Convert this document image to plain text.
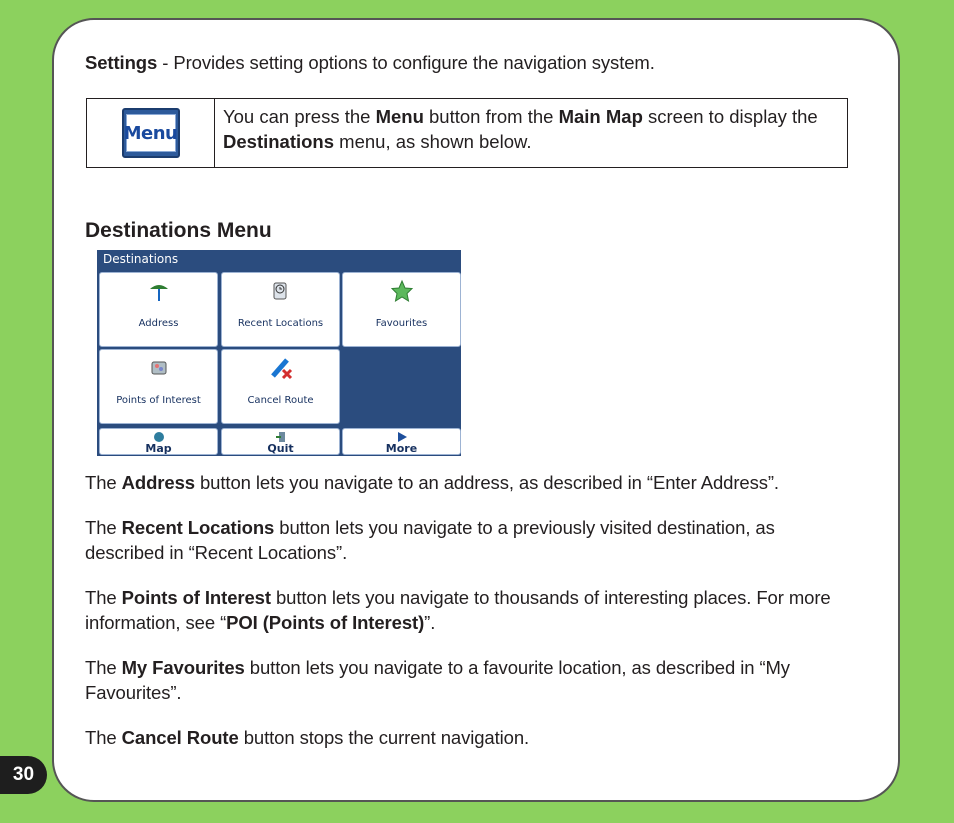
30
Settings - Provides setting options to configure the navigation system.
Menu
You can press the Menu button from the Main Map screen to display the Destinations menu, as shown below.
Destinations Menu
Destinations
Address	Recent Locations	Favourites
Points of Interest	Cancel Route
Map	Quit	More
The Address button lets you navigate to an address, as described in “Enter Address”.
The Recent Locations button lets you navigate to a previously visited destination, as described in “Recent Locations”.
The Points of Interest button lets you navigate to thousands of interesting places. For more information, see “POI (Points of Interest)”.
The My Favourites button lets you navigate to a favourite location, as described in “My Favourites”.
The Cancel Route button stops the current navigation.
